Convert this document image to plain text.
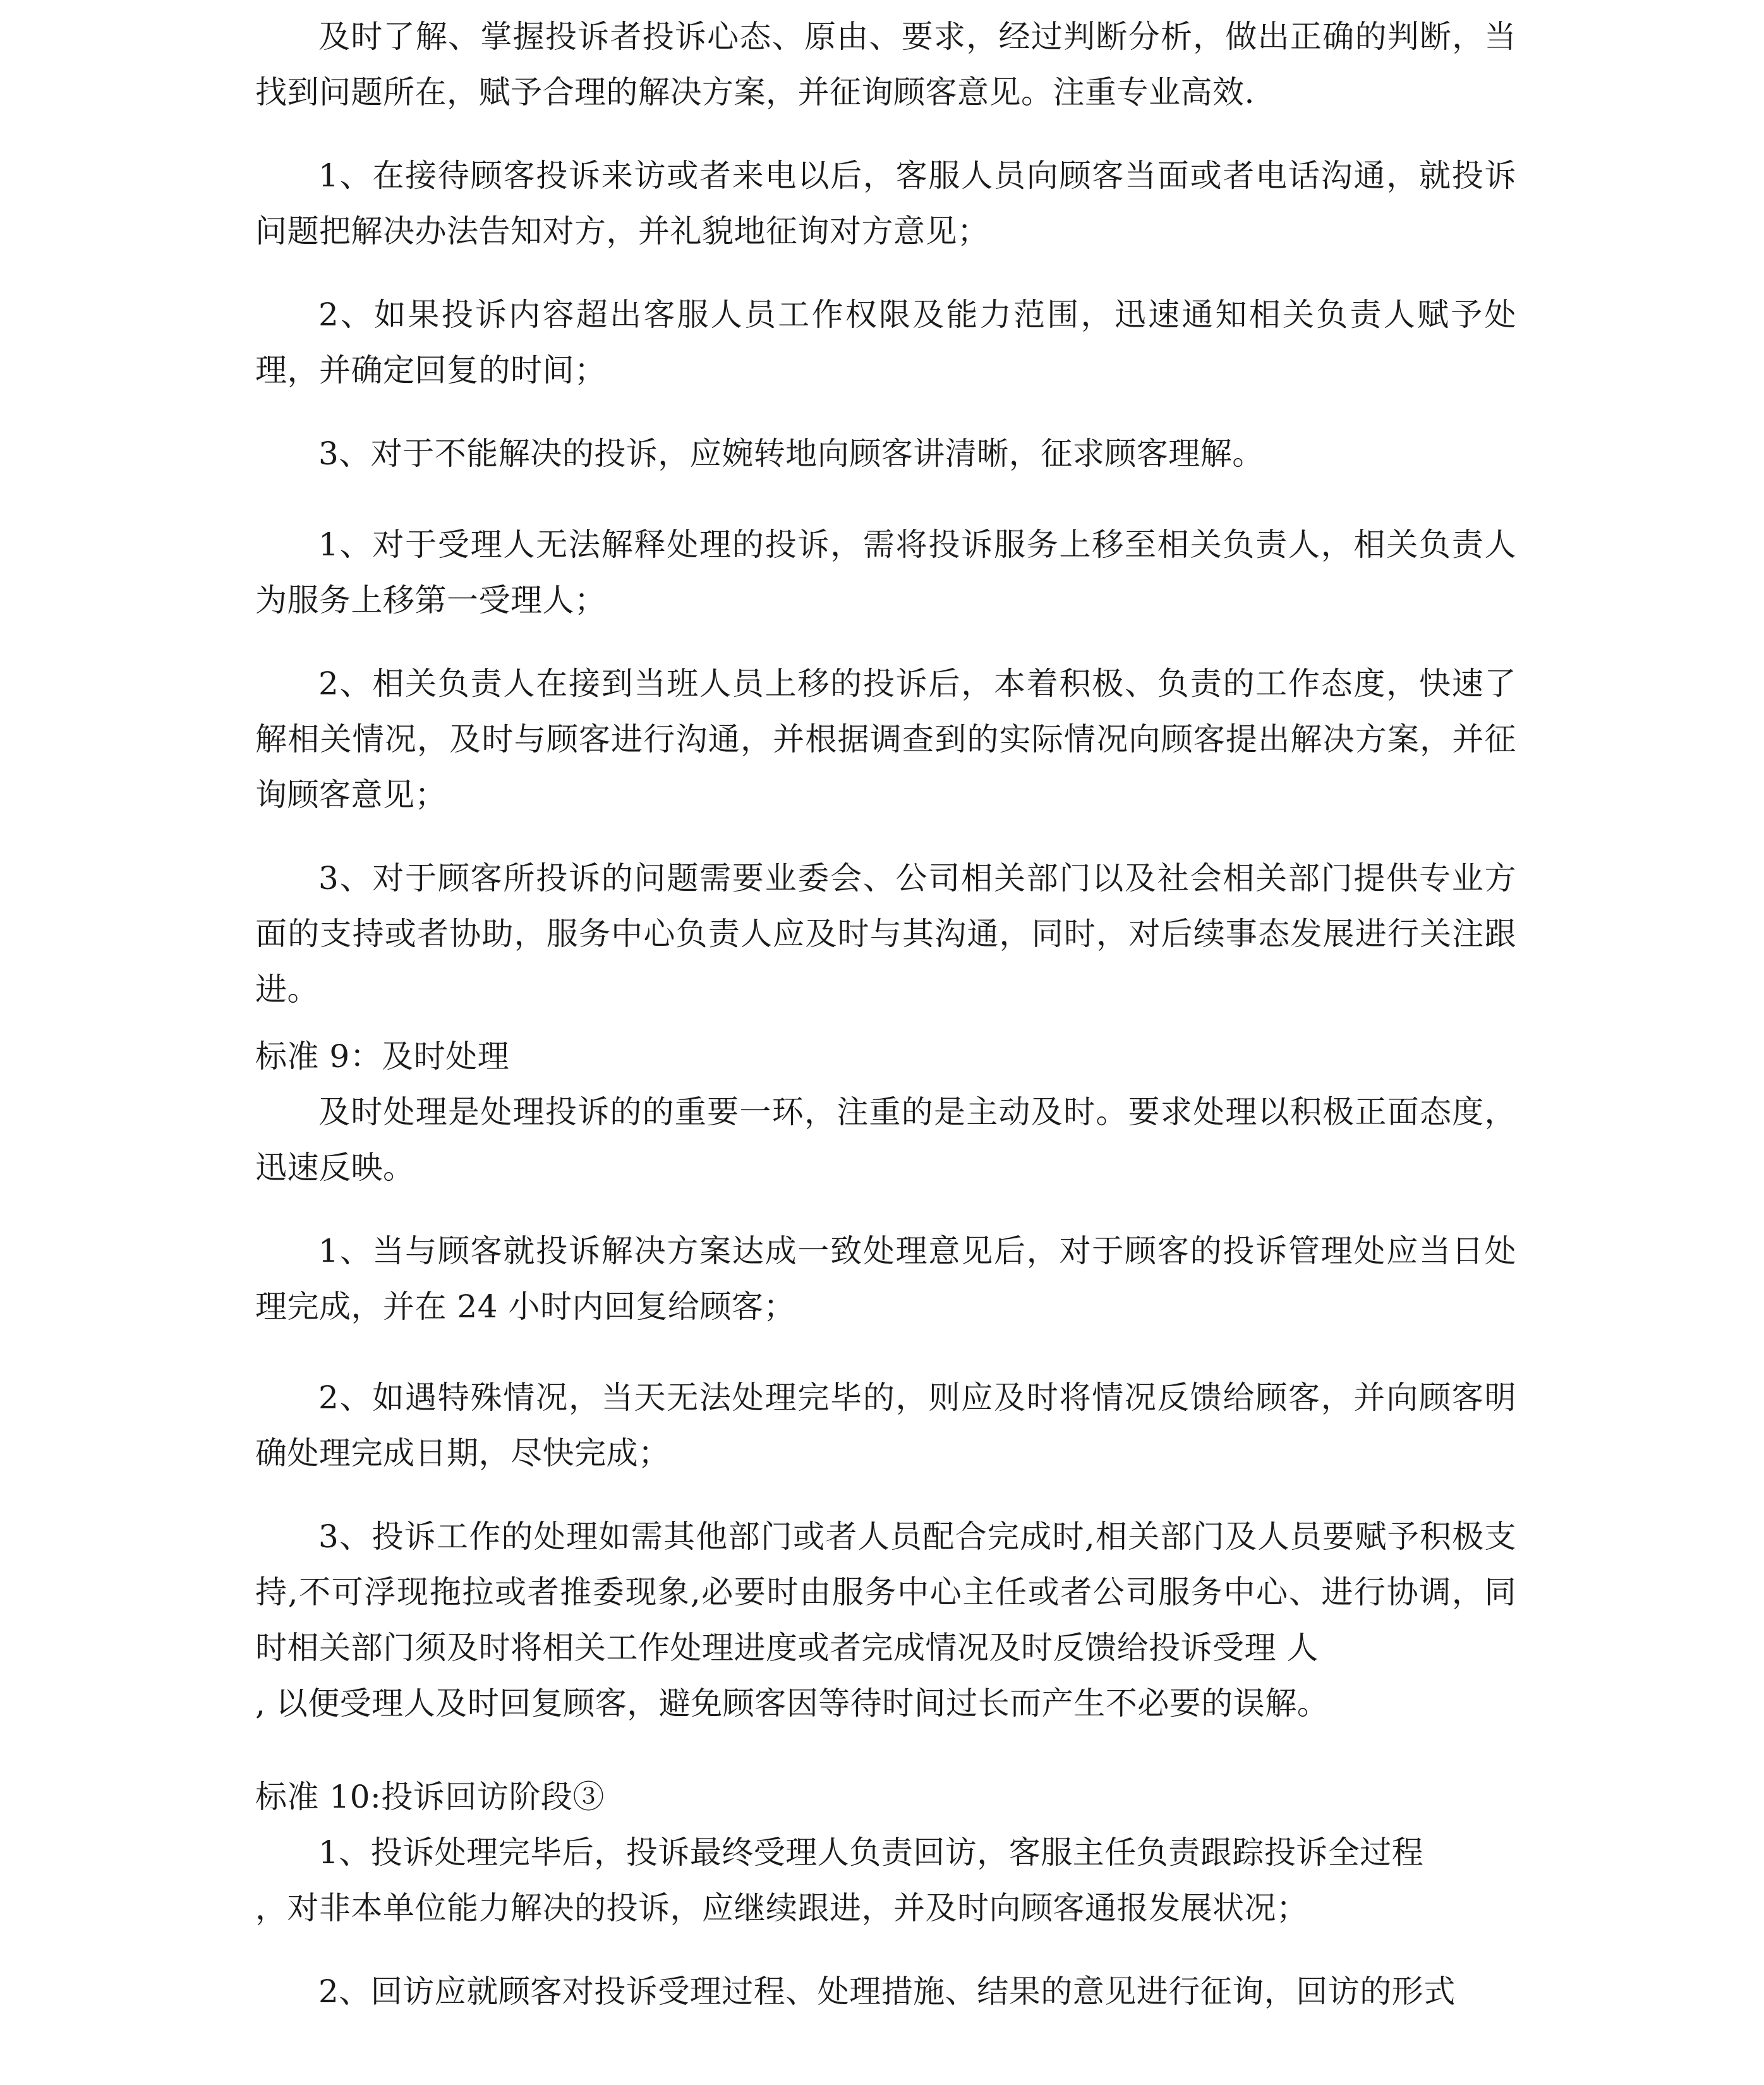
及时了解、掌握投诉者投诉心态、原由、要求，经过判断分析，做出正确的判断，当找到问题所在，赋予合理的解决方案，并征询顾客意见。注重专业高效.

1、在接待顾客投诉来访或者来电以后，客服人员向顾客当面或者电话沟通，就投诉问题把解决办法告知对方，并礼貌地征询对方意见；

2、如果投诉内容超出客服人员工作权限及能力范围，迅速通知相关负责人赋予处理，并确定回复的时间；

3、对于不能解决的投诉，应婉转地向顾客讲清晰，征求顾客理解。

1、对于受理人无法解释处理的投诉，需将投诉服务上移至相关负责人，相关负责人为服务上移第一受理人；

2、相关负责人在接到当班人员上移的投诉后，本着积极、负责的工作态度，快速了解相关情况，及时与顾客进行沟通，并根据调查到的实际情况向顾客提出解决方案，并征询顾客意见；

3、对于顾客所投诉的问题需要业委会、公司相关部门以及社会相关部门提供专业方面的支持或者协助，服务中心负责人应及时与其沟通，同时，对后续事态发展进行关注跟进。

标准 9：及时处理

及时处理是处理投诉的的重要一环，注重的是主动及时。要求处理以积极正面态度，迅速反映。

1、当与顾客就投诉解决方案达成一致处理意见后，对于顾客的投诉管理处应当日处理完成，并在 24 小时内回复给顾客；

2、如遇特殊情况，当天无法处理完毕的，则应及时将情况反馈给顾客，并向顾客明确处理完成日期，尽快完成；

3、投诉工作的处理如需其他部门或者人员配合完成时,相关部门及人员要赋予积极支持,不可浮现拖拉或者推委现象,必要时由服务中心主任或者公司服务中心、进行协调，同时相关部门须及时将相关工作处理进度或者完成情况及时反馈给投诉受理 人

, 以便受理人及时回复顾客，避免顾客因等待时间过长而产生不必要的误解。

标准 10:投诉回访阶段③

1、投诉处理完毕后，投诉最终受理人负责回访，客服主任负责跟踪投诉全过程

，对非本单位能力解决的投诉，应继续跟进，并及时向顾客通报发展状况；

2、回访应就顾客对投诉受理过程、处理措施、结果的意见进行征询，回访的形式
